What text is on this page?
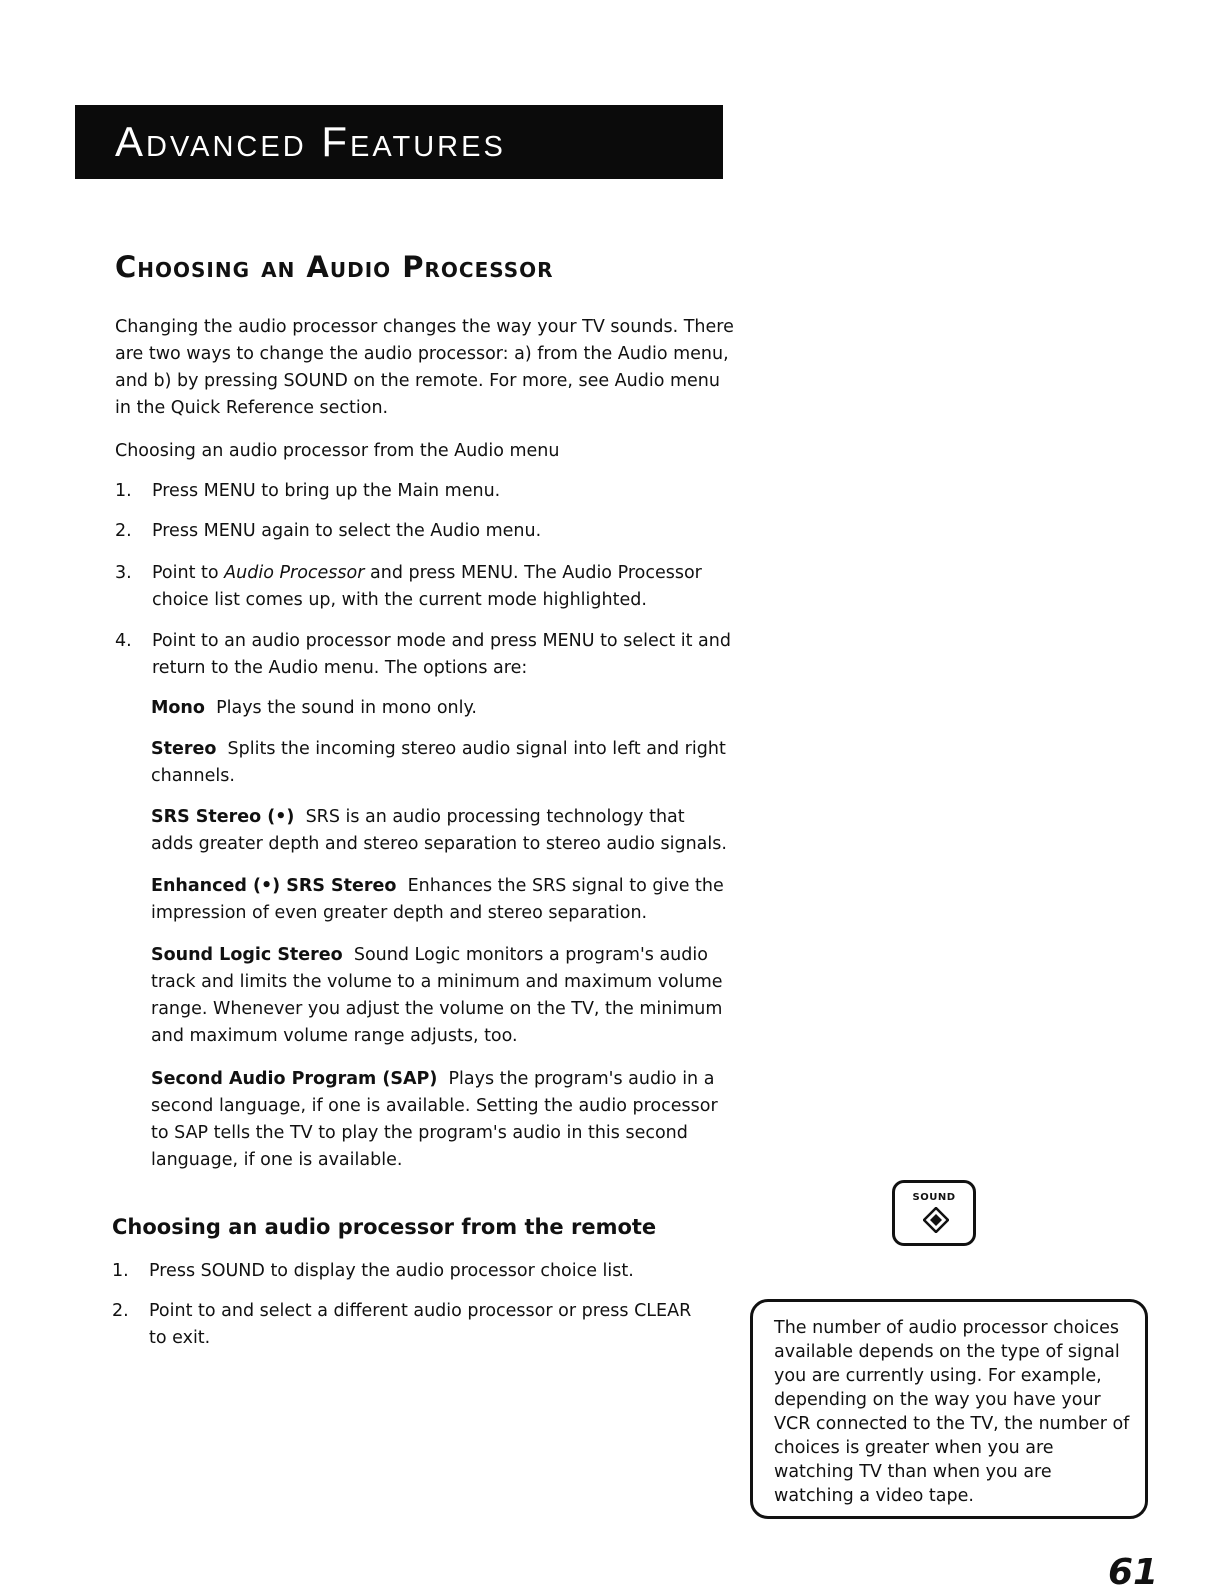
Advanced Features
Choosing an Audio Processor

Changing the audio processor changes the way your TV sounds. There are two ways to change the audio processor: a) from the Audio menu, and b) by pressing SOUND on the remote. For more, see Audio menu in the Quick Reference section.

Choosing an audio processor from the Audio menu

1. Press MENU to bring up the Main menu.
2. Press MENU again to select the Audio menu.
3. Point to Audio Processor and press MENU. The Audio Processor choice list comes up, with the current mode highlighted.
4. Point to an audio processor mode and press MENU to select it and return to the Audio menu. The options are:
Mono Plays the sound in mono only.
Stereo Splits the incoming stereo audio signal into left and right channels.
SRS Stereo (•) SRS is an audio processing technology that adds greater depth and stereo separation to stereo audio signals.
Enhanced (•) SRS Stereo Enhances the SRS signal to give the impression of even greater depth and stereo separation.
Sound Logic Stereo Sound Logic monitors a program's audio track and limits the volume to a minimum and maximum volume range. Whenever you adjust the volume on the TV, the minimum and maximum volume range adjusts, too.
Second Audio Program (SAP) Plays the program's audio in a second language, if one is available. Setting the audio processor to SAP tells the TV to play the program's audio in this second language, if one is available.
Choosing an audio processor from the remote
1. Press SOUND to display the audio processor choice list.
2. Point to and select a different audio processor or press CLEAR to exit.
SOUND
The number of audio processor choices available depends on the type of signal you are currently using. For example, depending on the way you have your VCR connected to the TV, the number of choices is greater when you are watching TV than when you are watching a video tape.
61
